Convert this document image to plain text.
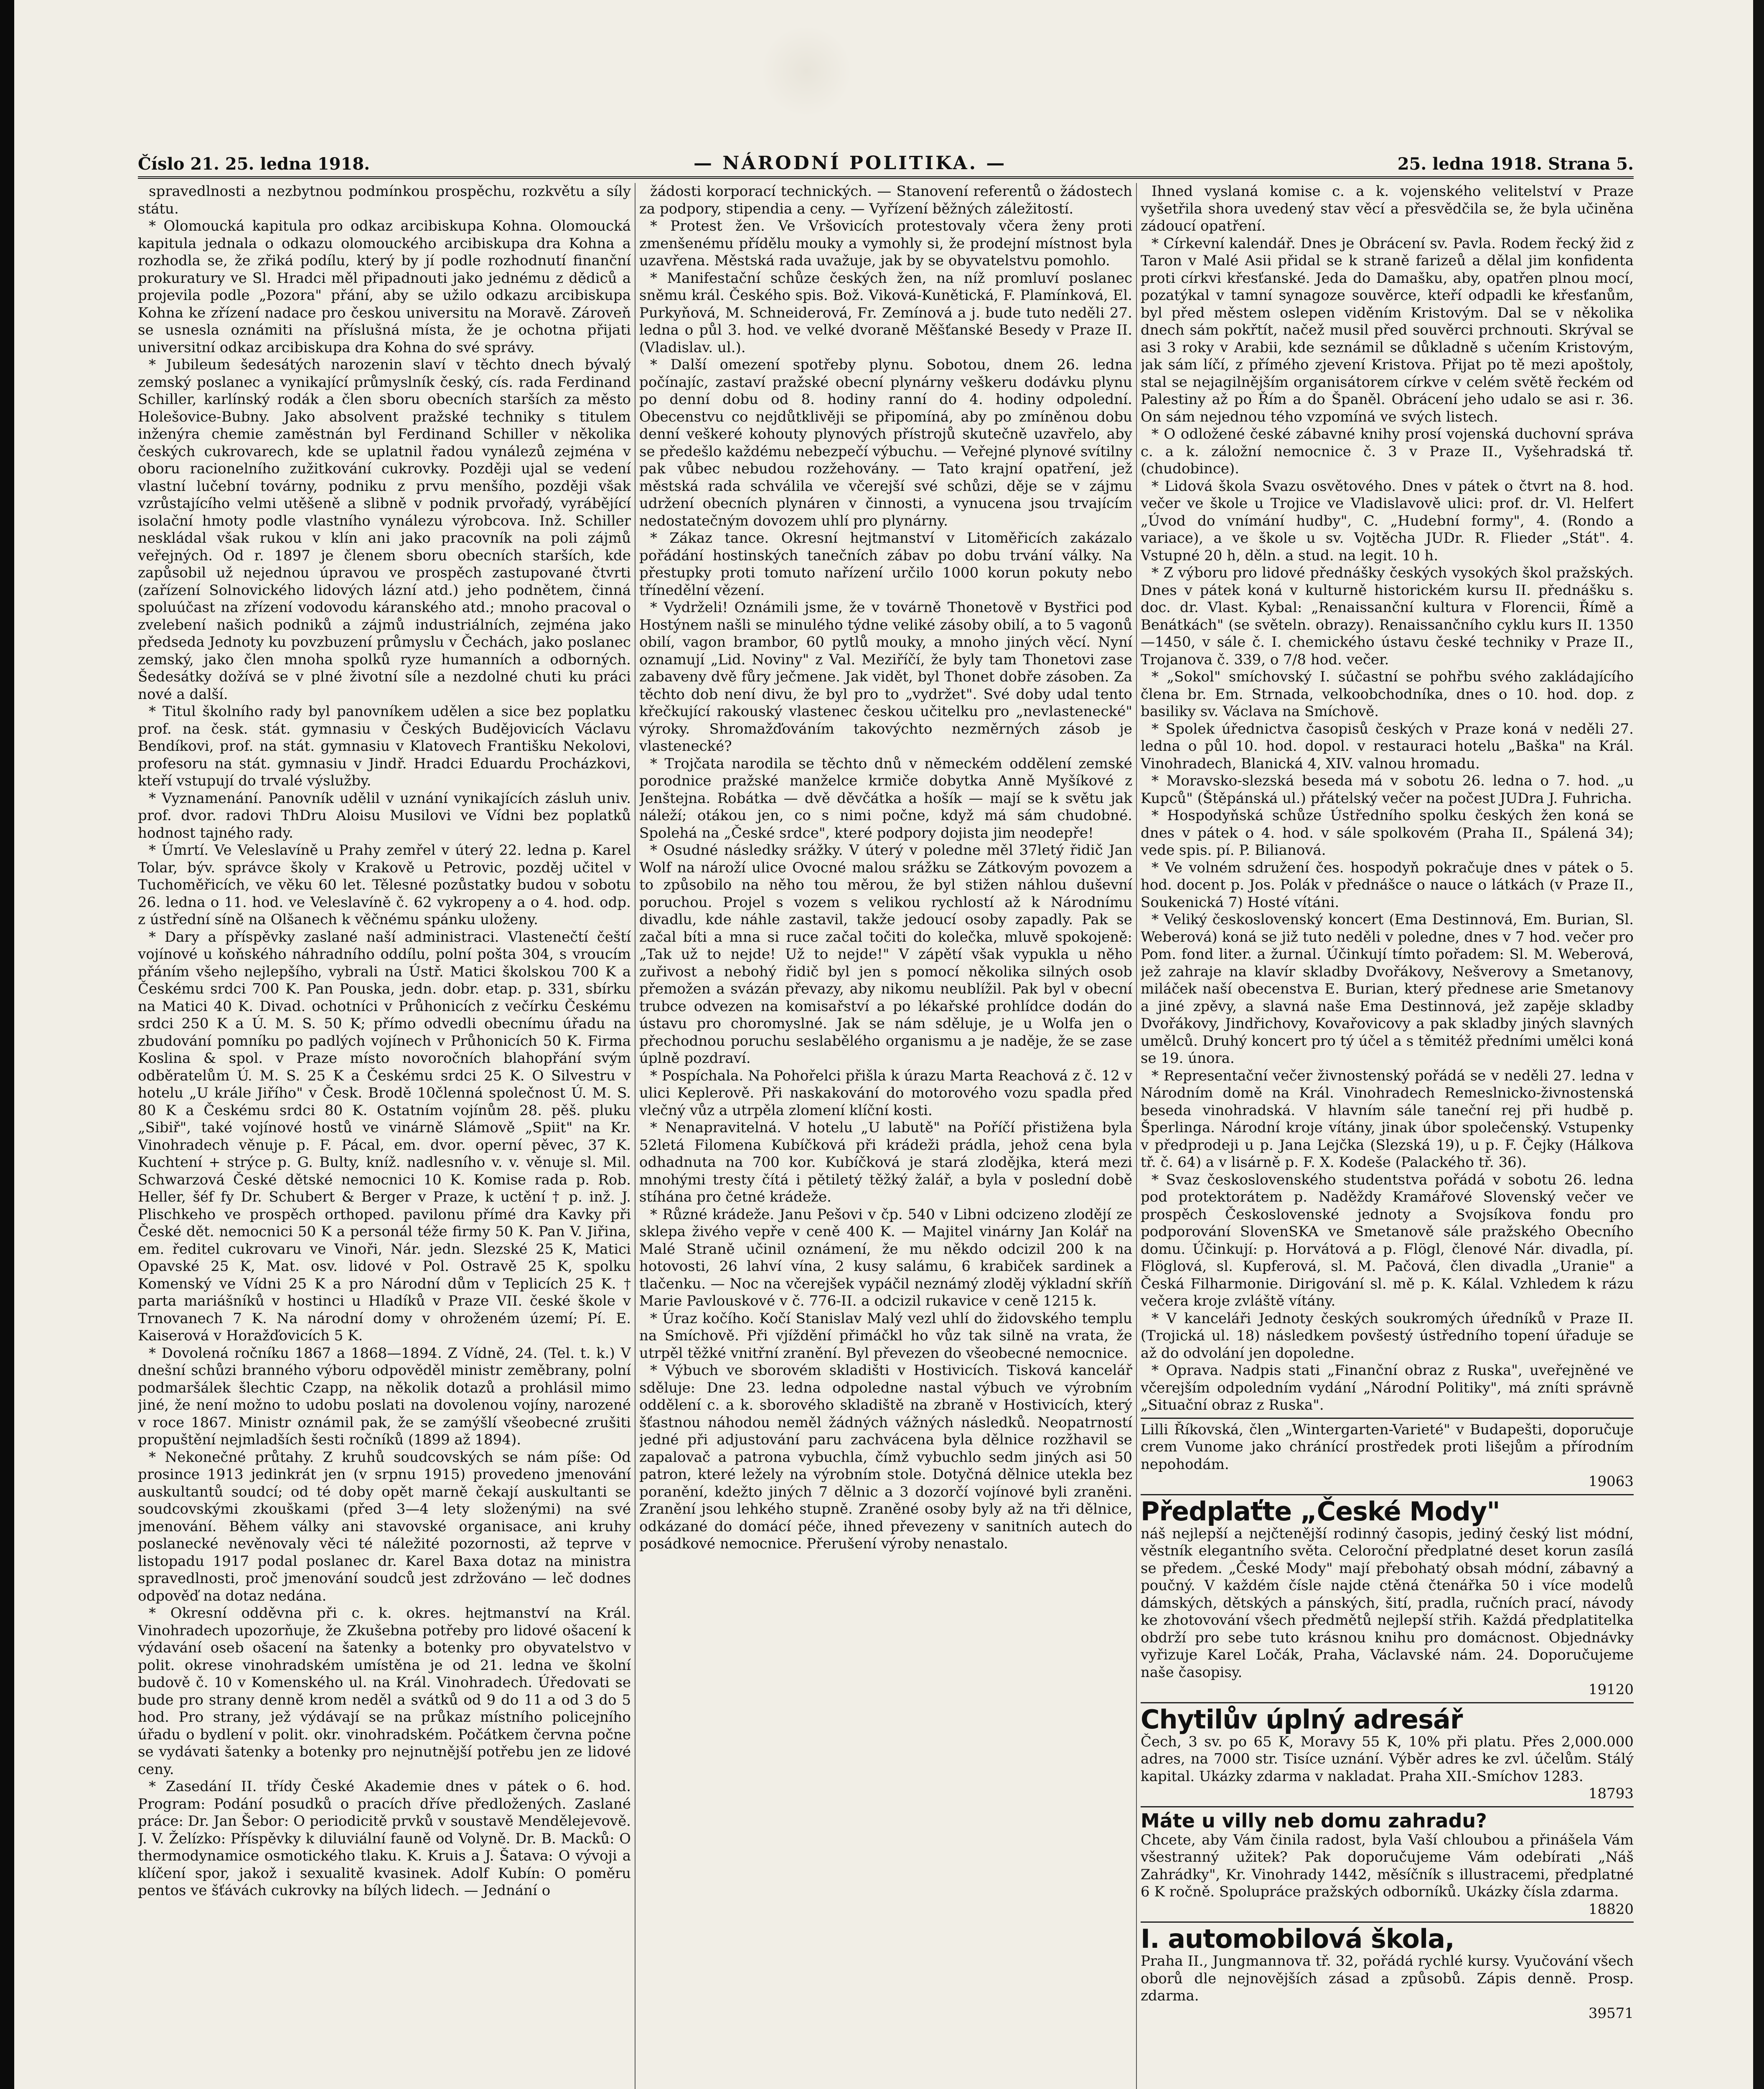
Číslo 21. 25. ledna 1918.	— NÁRODNÍ POLITIKA. —	25. ledna 1918. Strana 5.

spravedlnosti a nezbytnou podmínkou prospěchu, rozkvětu a síly státu.

* Olomoucká kapitula pro odkaz arcibiskupa Kohna. Olomoucká kapitula jednala o odkazu olomouckého arcibiskupa dra Kohna a rozhodla se, že zřiká podílu, který by jí podle rozhodnutí finanční prokuratury ve Sl. Hradci měl připadnouti jako jednému z dědiců a projevila podle „Pozora" přání, aby se užilo odkazu arcibiskupa Kohna ke zřízení nadace pro českou universitu na Moravě. Zároveň se usnesla oznámiti na příslušná místa, že je ochotna přijati universitní odkaz arcibiskupa dra Kohna do své správy.

* Jubileum šedesátých narozenin slaví v těchto dnech bývalý zemský poslanec a vynikající průmyslník český, cís. rada Ferdinand Schiller, karlínský rodák a člen sboru obecních starších za město Holešovice-Bubny. Jako absolvent pražské techniky s titulem inženýra chemie zaměstnán byl Ferdinand Schiller v několika českých cukrovarech, kde se uplatnil řadou vynálezů zejména v oboru racionelního zužitkování cukrovky. Později ujal se vedení vlastní lučební továrny, podniku z prvu menšího, později však vzrůstajícího velmi utěšeně a slibně v podnik prvořadý, vyrábějící isolační hmoty podle vlastního vynálezu výrobcova. Inž. Schiller neskládal však rukou v klín ani jako pracovník na poli zájmů veřejných. Od r. 1897 je členem sboru obecních starších, kde zapůsobil už nejednou úpravou ve prospěch zastupované čtvrti (zařízení Solnovického lidových lázní atd.) jeho podnětem, činná spoluúčast na zřízení vodovodu káranského atd.; mnoho pracoval o zvelebení našich podniků a zájmů industriálních, zejména jako předseda Jednoty ku povzbuzení průmyslu v Čechách, jako poslanec zemský, jako člen mnoha spolků ryze humanních a odborných. Šedesátky dožívá se v plné životní síle a nezdolné chuti ku práci nové a další.

* Titul školního rady byl panovníkem udělen a sice bez poplatku prof. na česk. stát. gymnasiu v Českých Budějovicích Václavu Bendíkovi, prof. na stát. gymnasiu v Klatovech Františku Nekolovi, profesoru na stát. gymnasiu v Jindř. Hradci Eduardu Procházkovi, kteří vstupují do trvalé výslužby.

* Vyznamenání. Panovník udělil v uznání vynikajících zásluh univ. prof. dvor. radovi ThDru Aloisu Musilovi ve Vídni bez poplatků hodnost tajného rady.

* Úmrtí. Ve Veleslavíně u Prahy zemřel v úterý 22. ledna p. Karel Tolar, býv. správce školy v Krakově u Petrovic, pozděj učitel v Tuchoměřicích, ve věku 60 let. Tělesné pozůstatky budou v sobotu 26. ledna o 11. hod. ve Veleslavíně č. 62 vykropeny a o 4. hod. odp. z ústřední síně na Olšanech k věčnému spánku uloženy.

* Dary a příspěvky zaslané naší administraci. Vlastenečtí čeští vojínové u koňského náhradního oddílu, polní pošta 304, s vroucím přáním všeho nejlepšího, vybrali na Ústř. Matici školskou 700 K a Českému srdci 700 K. Pan Pouska, jedn. dobr. etap. p. 331, sbírku na Matici 40 K. Divad. ochotníci v Průhonicích z večírku Českému srdci 250 K a Ú. M. S. 50 K; přímo odvedli obecnímu úřadu na zbudování pomníku po padlých vojínech v Průhonicích 50 K. Firma Koslina & spol. v Praze místo novoročních blahopřání svým odběratelům Ú. M. S. 25 K a Českému srdci 25 K. O Silvestru v hotelu „U krále Jiřího" v Česk. Brodě 10členná společnost Ú. M. S. 80 K a Českému srdci 80 K. Ostatním vojínům 28. pěš. pluku „Sibiř", také vojínové hostů ve vinárně Slámově „Spiit" na Kr. Vinohradech věnuje p. F. Pácal, em. dvor. operní pěvec, 37 K. Kuchtení + strýce p. G. Bulty, kníž. nadlesního v. v. věnuje sl. Mil. Schwarzová České dětské nemocnici 10 K. Komise rada p. Rob. Heller, šéf fy Dr. Schubert & Berger v Praze, k uctění † p. inž. J. Plischkeho ve prospěch orthoped. pavilonu přímé dra Kavky při České dět. nemocnici 50 K a personál téže firmy 50 K. Pan V. Jiřina, em. ředitel cukrovaru ve Vinoři, Nár. jedn. Slezské 25 K, Matici Opavské 25 K, Mat. osv. lidové v Pol. Ostravě 25 K, spolku Komenský ve Vídni 25 K a pro Národní dům v Teplicích 25 K. † parta mariášníků v hostinci u Hladíků v Praze VII. české škole v Trnovanech 7 K. Na národní domy v ohroženém území; Pí. E. Kaiserová v Horažďovicích 5 K.

* Dovolená ročníku 1867 a 1868—1894. Z Vídně, 24. (Tel. t. k.) V dnešní schůzi branného výboru odpověděl ministr zeměbrany, polní podmaršálek šlechtic Czapp, na několik dotazů a prohlásil mimo jiné, že není možno to udobu poslati na dovolenou vojíny, narozené v roce 1867. Ministr oznámil pak, že se zamýšlí všeobecné zrušiti propuštění nejmladších šesti ročníků (1899 až 1894).

* Nekonečné průtahy. Z kruhů soudcovských se nám píše: Od prosince 1913 jedinkrát jen (v srpnu 1915) provedeno jmenování auskultantů soudcí; od té doby opět marně čekají auskultanti se soudcovskými zkouškami (před 3—4 lety složenými) na své jmenování. Během války ani stavovské organisace, ani kruhy poslanecké nevěnovaly věci té náležité pozornosti, až teprve v listopadu 1917 podal poslanec dr. Karel Baxa dotaz na ministra spravedlnosti, proč jmenování soudců jest zdržováno — leč dodnes odpověď na dotaz nedána.

* Okresní odděvna při c. k. okres. hejtmanství na Král. Vinohradech upozorňuje, že Zkušebna potřeby pro lidové ošacení k výdavání oseb ošacení na šatenky a botenky pro obyvatelstvo v polit. okrese vinohradském umístěna je od 21. ledna ve školní budově č. 10 v Komenského ul. na Král. Vinohradech. Úředovati se bude pro strany denně krom neděl a svátků od 9 do 11 a od 3 do 5 hod. Pro strany, jež výdávají se na průkaz místního policejního úřadu o bydlení v polit. okr. vinohradském. Počátkem června počne se vydávati šatenky a botenky pro nejnutnější potřebu jen ze lidové ceny.

* Zasedání II. třídy České Akademie dnes v pátek o 6. hod. Program: Podání posudků o pracích dříve předložených. Zaslané práce: Dr. Jan Šebor: O periodicitě prvků v soustavě Mendělejevově. J. V. Želízko: Příspěvky k diluviální fauně od Volyně. Dr. B. Macků: O thermodynamice osmotického tlaku. K. Kruis a J. Šatava: O vývoji a klíčení spor, jakož i sexualitě kvasinek. Adolf Kubín: O poměru pentos ve šťávách cukrovky na bílých lidech. — Jednání o

žádosti korporací technických. — Stanovení referentů o žádostech za podpory, stipendia a ceny. — Vyřízení běžných záležitostí.

* Protest žen. Ve Vršovicích protestovaly včera ženy proti zmenšenému přídělu mouky a vymohly si, že prodejní místnost byla uzavřena. Městská rada uvažuje, jak by se obyvatelstvu pomohlo.

* Manifestační schůze českých žen, na níž promluví poslanec sněmu král. Českého spis. Bož. Viková-Kunětická, F. Plamínková, El. Purkyňová, M. Schneiderová, Fr. Zemínová a j. bude tuto neděli 27. ledna o půl 3. hod. ve velké dvoraně Měšťanské Besedy v Praze II. (Vladislav. ul.).

* Další omezení spotřeby plynu. Sobotou, dnem 26. ledna počínajíc, zastaví pražské obecní plynárny veškeru dodávku plynu po denní dobu od 8. hodiny ranní do 4. hodiny odpolední. Obecenstvu co nejdůtklivěji se připomíná, aby po zmíněnou dobu denní veškeré kohouty plynových přístrojů skutečně uzavřelo, aby se předešlo každému nebezpečí výbuchu. — Veřejné plynové svítilny pak vůbec nebudou rozžehovány. — Tato krajní opatření, jež městská rada schválila ve včerejší své schůzi, děje se v zájmu udržení obecních plynáren v činnosti, a vynucena jsou trvajícím nedostatečným dovozem uhlí pro plynárny.

* Zákaz tance. Okresní hejtmanství v Litoměřicích zakázalo pořádání hostinských tanečních zábav po dobu trvání války. Na přestupky proti tomuto nařízení určilo 1000 korun pokuty nebo třínedělní vězení.

* Vydrželi! Oznámili jsme, že v továrně Thonetově v Bystřici pod Hostýnem našli se minulého týdne veliké zásoby obilí, a to 5 vagonů obilí, vagon brambor, 60 pytlů mouky, a mnoho jiných věcí. Nyní oznamují „Lid. Noviny" z Val. Meziříčí, že byly tam Thonetovi zase zabaveny dvě fůry ječmene. Jak vidět, byl Thonet dobře zásoben. Za těchto dob není divu, že byl pro to „vydržet". Své doby udal tento křečkující rakouský vlastenec českou učitelku pro „nevlastenecké" výroky. Shromažďováním takovýchto nezměrných zásob je vlastenecké?

* Trojčata narodila se těchto dnů v německém oddělení zemské porodnice pražské manželce krmiče dobytka Anně Myšíkové z Jenštejna. Robátka — dvě děvčátka a hošík — mají se k světu jak náleží; otákou jen, co s nimi počne, když má sám chudobné. Spolehá na „České srdce", které podpory dojista jim neodepře!

* Osudné následky srážky. V úterý v poledne měl 37letý řidič Jan Wolf na nároží ulice Ovocné malou srážku se Zátkovým povozem a to způsobilo na něho tou měrou, že byl stižen náhlou duševní poruchou. Projel s vozem s velikou rychlostí až k Národnímu divadlu, kde náhle zastavil, takže jedoucí osoby zapadly. Pak se začal bíti a mna si ruce začal točiti do kolečka, mluvě spokojeně: „Tak už to nejde! Už to nejde!" V zápětí však vypukla u něho zuřivost a nebohý řidič byl jen s pomocí několika silných osob přemožen a svázán převazy, aby nikomu neublížil. Pak byl v obecní trubce odvezen na komisařství a po lékařské prohlídce dodán do ústavu pro choromyslné. Jak se nám sděluje, je u Wolfa jen o přechodnou poruchu seslabělého organismu a je naděje, že se zase úplně pozdraví.

* Pospíchala. Na Pohořelci přišla k úrazu Marta Reachová z č. 12 v ulici Keplerově. Při naskakování do motorového vozu spadla před vlečný vůz a utrpěla zlomení klíční kosti.

* Nenapravitelná. V hotelu „U labutě" na Poříčí přistižena byla 52letá Filomena Kubíčková při krádeži prádla, jehož cena byla odhadnuta na 700 kor. Kubíčková je stará zlodějka, která mezi mnohými tresty čítá i pětiletý těžký žalář, a byla v poslední době stíhána pro četné krádeže.

* Různé krádeže. Janu Pešovi v čp. 540 v Libni odcizeno zlodějí ze sklepa živého vepře v ceně 400 K. — Majitel vinárny Jan Kolář na Malé Straně učinil oznámení, že mu někdo odcizil 200 k na hotovosti, 26 lahví vína, 2 kusy salámu, 6 krabiček sardinek a tlačenku. — Noc na včerejšek vypáčil neznámý zloděj výkladní skříň Marie Pavlouskové v č. 776-II. a odcizil rukavice v ceně 1215 k.

* Úraz kočího. Kočí Stanislav Malý vezl uhlí do židovského templu na Smíchově. Při vjíždění přimáčkl ho vůz tak silně na vrata, že utrpěl těžké vnitřní zranění. Byl převezen do všeobecné nemocnice.

* Výbuch ve sborovém skladišti v Hostivicích. Tisková kancelář sděluje: Dne 23. ledna odpoledne nastal výbuch ve výrobním oddělení c. a k. sborového skladiště na zbraně v Hostivicích, který šťastnou náhodou neměl žádných vážných následků. Neopatrností jedné při adjustování paru zachvácena byla dělnice rozžhavil se zapalovač a patrona vybuchla, čímž vybuchlo sedm jiných asi 50 patron, které ležely na výrobním stole. Dotyčná dělnice utekla bez poranění, kdežto jiných 7 dělnic a 3 dozorčí vojínové byli zraněni. Zranění jsou lehkého stupně. Zraněné osoby byly až na tři dělnice, odkázané do domácí péče, ihned převezeny v sanitních autech do posádkové nemocnice. Přerušení výroby nenastalo.

Ihned vyslaná komise c. a k. vojenského velitelství v Praze vyšetřila shora uvedený stav věcí a přesvědčila se, že byla učiněna zádoucí opatření.

* Církevní kalendář. Dnes je Obrácení sv. Pavla. Rodem řecký žid z Taron v Malé Asii přidal se k straně farizeů a dělal jim konfidenta proti církvi křesťanské. Jeda do Damašku, aby, opatřen plnou mocí, pozatýkal v tamní synagoze souvěrce, kteří odpadli ke křesťanům, byl před městem oslepen viděním Kristovým. Dal se v několika dnech sám pokřtít, načež musil před souvěrci prchnouti. Skrýval se asi 3 roky v Arabii, kde seznámil se důkladně s učením Kristovým, jak sám líčí, z přímého zjevení Kristova. Přijat po tě mezi apoštoly, stal se nejagilnějším organisátorem církve v celém světě řeckém od Palestiny až po Řím a do Španěl. Obrácení jeho udalo se asi r. 36. On sám nejednou tého vzpomíná ve svých listech.

* O odložené české zábavné knihy prosí vojenská duchovní správa c. a k. záložní nemocnice č. 3 v Praze II., Vyšehradská tř. (chudobince).

* Lidová škola Svazu osvětového. Dnes v pátek o čtvrt na 8. hod. večer ve škole u Trojice ve Vladislavově ulici: prof. dr. Vl. Helfert „Úvod do vnímání hudby", C. „Hudební formy", 4. (Rondo a variace), a ve škole u sv. Vojtěcha JUDr. R. Flieder „Stát". 4. Vstupné 20 h, děln. a stud. na legit. 10 h.

* Z výboru pro lidové přednášky českých vysokých škol pražských. Dnes v pátek koná v kulturně historickém kursu II. přednášku s. doc. dr. Vlast. Kybal: „Renaissanční kultura v Florencii, Římě a Benátkách" (se světeln. obrazy). Renaissančního cyklu kurs II. 1350—1450, v sále č. I. chemického ústavu české techniky v Praze II., Trojanova č. 339, o 7/8 hod. večer.

* „Sokol" smíchovský I. súčastní se pohřbu svého zakládajícího člena br. Em. Strnada, velkoobchodníka, dnes o 10. hod. dop. z basiliky sv. Václava na Smíchově.

* Spolek úřednictva časopisů českých v Praze koná v neděli 27. ledna o půl 10. hod. dopol. v restauraci hotelu „Baška" na Král. Vinohradech, Blanická 4, XIV. valnou hromadu.

* Moravsko-slezská beseda má v sobotu 26. ledna o 7. hod. „u Kupců" (Štěpánská ul.) přátelský večer na počest JUDra J. Fuhricha.

* Hospodyňská schůze Ústředního spolku českých žen koná se dnes v pátek o 4. hod. v sále spolkovém (Praha II., Spálená 34); vede spis. pí. P. Bilianová.

* Ve volném sdružení čes. hospodyň pokračuje dnes v pátek o 5. hod. docent p. Jos. Polák v přednášce o nauce o látkách (v Praze II., Soukenická 7) Hosté vítáni.

* Veliký československý koncert (Ema Destinnová, Em. Burian, Sl. Weberová) koná se již tuto neděli v poledne, dnes v 7 hod. večer pro Pom. fond liter. a žurnal. Účinkují tímto pořadem: Sl. M. Weberová, jež zahraje na klavír skladby Dvořákovy, Nešverovy a Smetanovy, miláček naší obecenstva E. Burian, který přednese arie Smetanovy a jiné zpěvy, a slavná naše Ema Destinnová, jež zapěje skladby Dvořákovy, Jindřichovy, Kovařovicovy a pak skladby jiných slavných umělců. Druhý koncert pro tý účel a s těmitéž předními umělci koná se 19. února.

* Representační večer živnostenský pořádá se v neděli 27. ledna v Národním domě na Král. Vinohradech Remeslnicko-živnostenská beseda vinohradská. V hlavním sále taneční rej při hudbě p. Šperlinga. Národní kroje vítány, jinak úbor společenský. Vstupenky v předprodeji u p. Jana Lejčka (Slezská 19), u p. F. Čejky (Hálkova tř. č. 64) a v lisárně p. F. X. Kodeše (Palackého tř. 36).

* Svaz československého studentstva pořádá v sobotu 26. ledna pod protektorátem p. Naděždy Kramářové Slovenský večer ve prospěch Československé jednoty a Svojsíkova fondu pro podporování SlovenSKA ve Smetanově sále pražského Obecního domu. Účinkují: p. Horvátová a p. Flögl, členové Nár. divadla, pí. Flöglová, sl. Kupferová, sl. M. Pačová, člen divadla „Uranie" a Česká Filharmonie. Dirigování sl. mě p. K. Kálal. Vzhledem k rázu večera kroje zvláště vítány.

* V kanceláři Jednoty českých soukromých úředníků v Praze II. (Trojická ul. 18) následkem povšestý ústředního topení úřaduje se až do odvolání jen dopoledne.

* Oprava. Nadpis stati „Finanční obraz z Ruska", uveřejněné ve včerejším odpoledním vydání „Národní Politiky", má zníti správně „Situační obraz z Ruska".

Lilli Říkovská, člen „Wintergarten-Varieté" v Budapešti, doporučuje crem Vunome jako chránící prostředek proti lišejům a přírodním nepohodám.

19063

Předplaťte „České Mody"

náš nejlepší a nejčtenější rodinný časopis, jediný český list módní, věstník elegantního světa. Celoroční předplatné deset korun zasílá se předem. „České Mody" mají přebohatý obsah módní, zábavný a poučný. V každém čísle najde ctěná čtenářka 50 i více modelů dámských, dětských a pánských, šití, pradla, ručních prací, návody ke zhotovování všech předmětů nejlepší střih. Každá předplatitelka obdrží pro sebe tuto krásnou knihu pro domácnost. Objednávky vyřizuje Karel Ločák, Praha, Václavské nám. 24. Doporučujeme naše časopisy.

19120

Chytilův úplný adresář

Čech, 3 sv. po 65 K, Moravy 55 K, 10% při platu. Přes 2,000.000 adres, na 7000 str. Tisíce uznání. Výběr adres ke zvl. účelům. Stálý kapital. Ukázky zdarma v nakladat. Praha XII.-Smíchov 1283.

18793

Máte u villy neb domu zahradu?

Chcete, aby Vám činila radost, byla Vaší chloubou a přinášela Vám všestranný užitek? Pak doporučujeme Vám odebírati „Náš Zahrádky", Kr. Vinohrady 1442, měsíčník s illustracemi, předplatné 6 K ročně. Spolupráce pražských odborníků. Ukázky čísla zdarma.

18820

I. automobilová škola,

Praha II., Jungmannova tř. 32, pořádá rychlé kursy. Vyučování všech oborů dle nejnovějších zásad a způsobů. Zápis denně. Prosp. zdarma.

39571
